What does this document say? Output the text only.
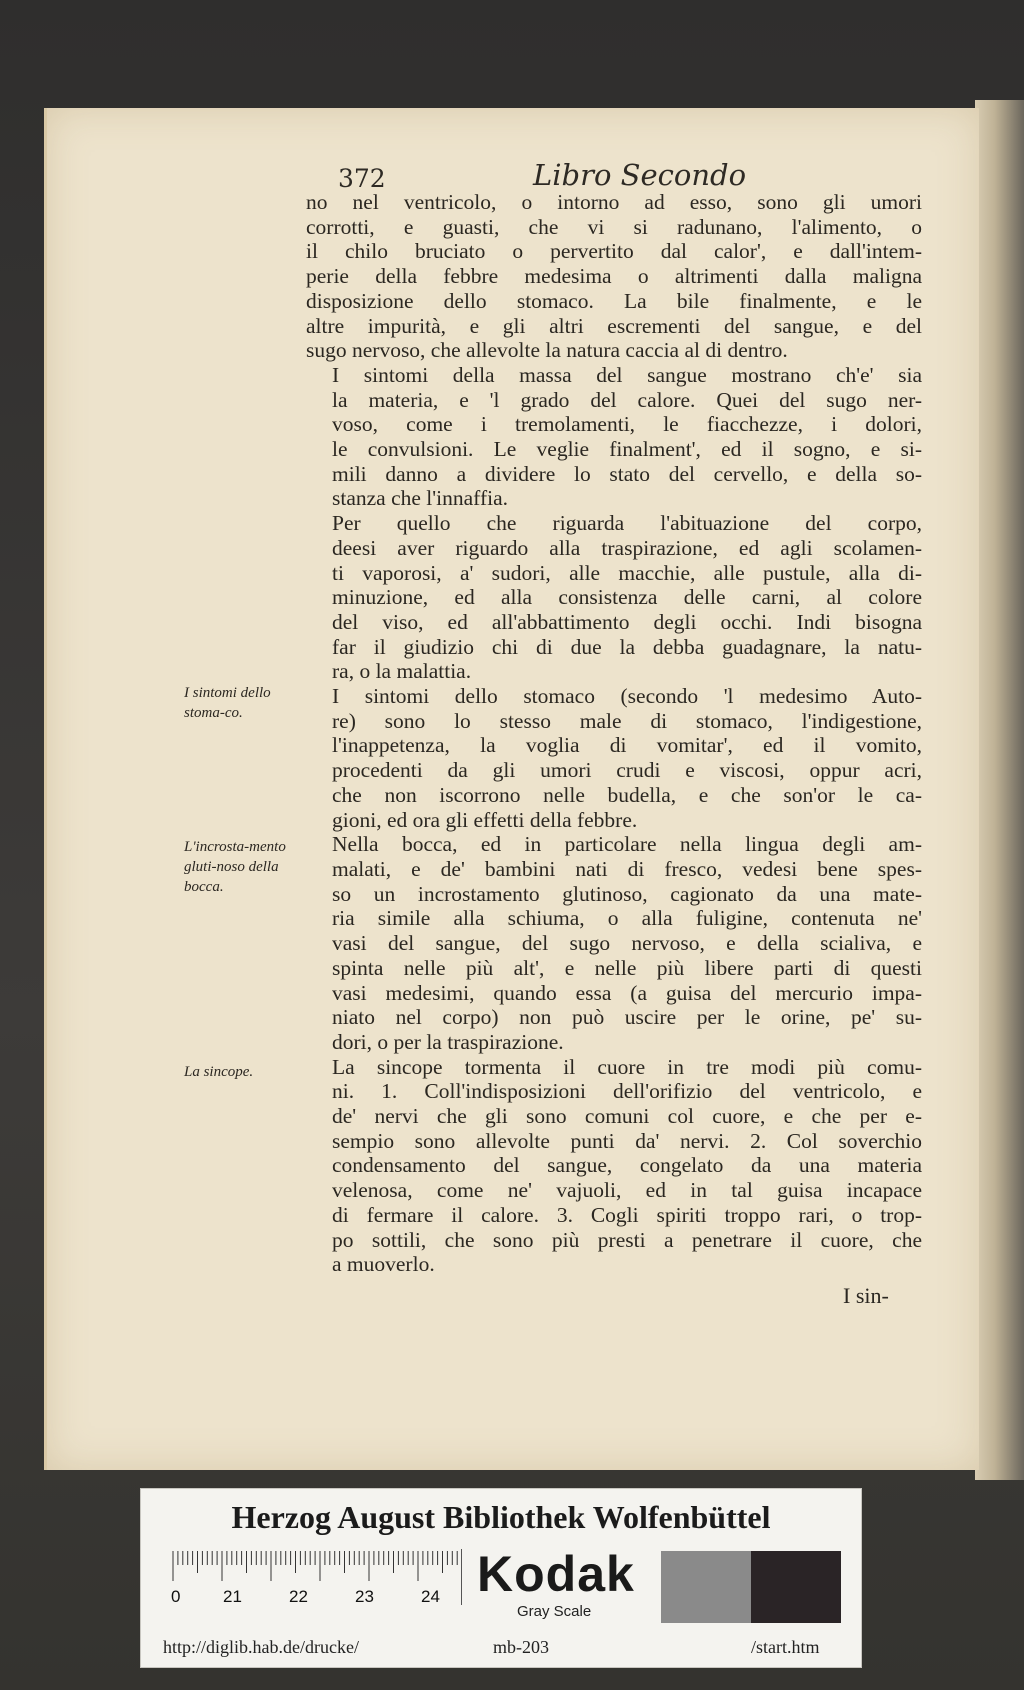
372	Libro Secondo

no nel ventricolo, o intorno ad esso, sono gli umori
corrotti, e guasti, che vi si radunano, l'alimento, o
il chilo bruciato o pervertito dal calor', e dall'intem-
perie della febbre medesima o altrimenti dalla maligna
disposizione dello stomaco. La bile finalmente, e le
altre impurità, e gli altri escrementi del sangue, e del
sugo nervoso, che allevolte la natura caccia al di dentro.

I sintomi della massa del sangue mostrano ch'e' sia
la materia, e 'l grado del calore. Quei del sugo ner-
voso, come i tremolamenti, le fiacchezze, i dolori,
le convulsioni. Le veglie finalment', ed il sogno, e si-
mili danno a dividere lo stato del cervello, e della so-
stanza che l'innaffia.

Per quello che riguarda l'abituazione del corpo,
deesi aver riguardo alla traspirazione, ed agli scolamen-
ti vaporosi, a' sudori, alle macchie, alle pustule, alla di-
minuzione, ed alla consistenza delle carni, al colore
del viso, ed all'abbattimento degli occhi. Indi bisogna
far il giudizio chi di due la debba guadagnare, la natu-
ra, o la malattia.

I sintomi dello stomaco (secondo 'l medesimo Auto-
re) sono lo stesso male di stomaco, l'indigestione,
l'inappetenza, la voglia di vomitar', ed il vomito,
procedenti da gli umori crudi e viscosi, oppur acri,
che non iscorrono nelle budella, e che son'or le ca-
gioni, ed ora gli effetti della febbre.

Nella bocca, ed in particolare nella lingua degli am-
malati, e de' bambini nati di fresco, vedesi bene spes-
so un incrostamento glutinoso, cagionato da una mate-
ria simile alla schiuma, o alla fuligine, contenuta ne'
vasi del sangue, del sugo nervoso, e della scialiva, e
spinta nelle più alt', e nelle più libere parti di questi
vasi medesimi, quando essa (a guisa del mercurio impa-
niato nel corpo) non può uscire per le orine, pe' su-
dori, o per la traspirazione.

La sincope tormenta il cuore in tre modi più comu-
ni. 1. Coll'indisposizioni dell'orifizio del ventricolo, e
de' nervi che gli sono comuni col cuore, e che per e-
sempio sono allevolte punti da' nervi. 2. Col soverchio
condensamento del sangue, congelato da una materia
velenosa, come ne' vajuoli, ed in tal guisa incapace
di fermare il calore. 3. Cogli spiriti troppo rari, o trop-
po sottili, che sono più presti a penetrare il cuore, che
a muoverlo.

I sintomi dello stoma-co.
L'incrosta-mento gluti-noso della bocca.
La sincope.
I sin-
Herzog August Bibliothek Wolfenbüttel
0	21	22	23	24 Kodak
Gray Scale
http://diglib.hab.de/drucke/	mb-203	/start.htm
